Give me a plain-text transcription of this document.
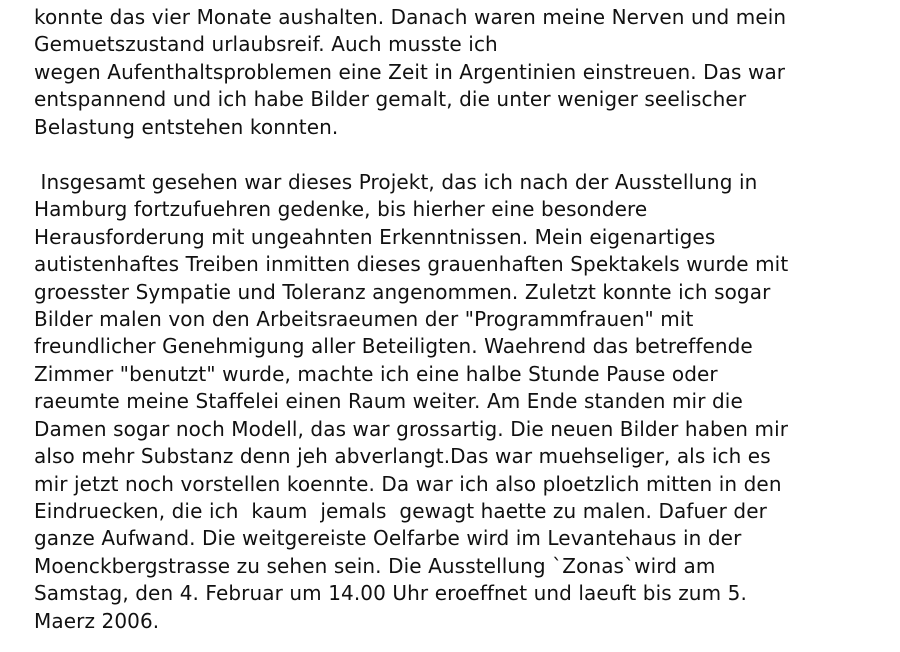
konnte das vier Monate aushalten. Danach waren meine Nerven und mein
Gemuetszustand urlaubsreif. Auch musste ich
wegen Aufenthaltsproblemen eine Zeit in Argentinien einstreuen. Das war
entspannend und ich habe Bilder gemalt, die unter weniger seelischer
Belastung entstehen konnten.
Insgesamt gesehen war dieses Projekt, das ich nach der Ausstellung in
Hamburg fortzufuehren gedenke, bis hierher eine besondere
Herausforderung mit ungeahnten Erkenntnissen. Mein eigenartiges
autistenhaftes Treiben inmitten dieses grauenhaften Spektakels wurde mit
groesster Sympatie und Toleranz angenommen. Zuletzt konnte ich sogar
Bilder malen von den Arbeitsraeumen der "Programmfrauen" mit
freundlicher Genehmigung aller Beteiligten. Waehrend das betreffende
Zimmer "benutzt" wurde, machte ich eine halbe Stunde Pause oder
raeumte meine Staffelei einen Raum weiter. Am Ende standen mir die
Damen sogar noch Modell, das war grossartig. Die neuen Bilder haben mir
also mehr Substanz denn jeh abverlangt.Das war muehseliger, als ich es
mir jetzt noch vorstellen koennte. Da war ich also ploetzlich mitten in den
Eindruecken, die ich  kaum  jemals  gewagt haette zu malen. Dafuer der
ganze Aufwand. Die weitgereiste Oelfarbe wird im Levantehaus in der
Moenckbergstrasse zu sehen sein. Die Ausstellung `Zonas`wird am
Samstag, den 4. Februar um 14.00 Uhr eroeffnet und laeuft bis zum 5.
Maerz 2006.
